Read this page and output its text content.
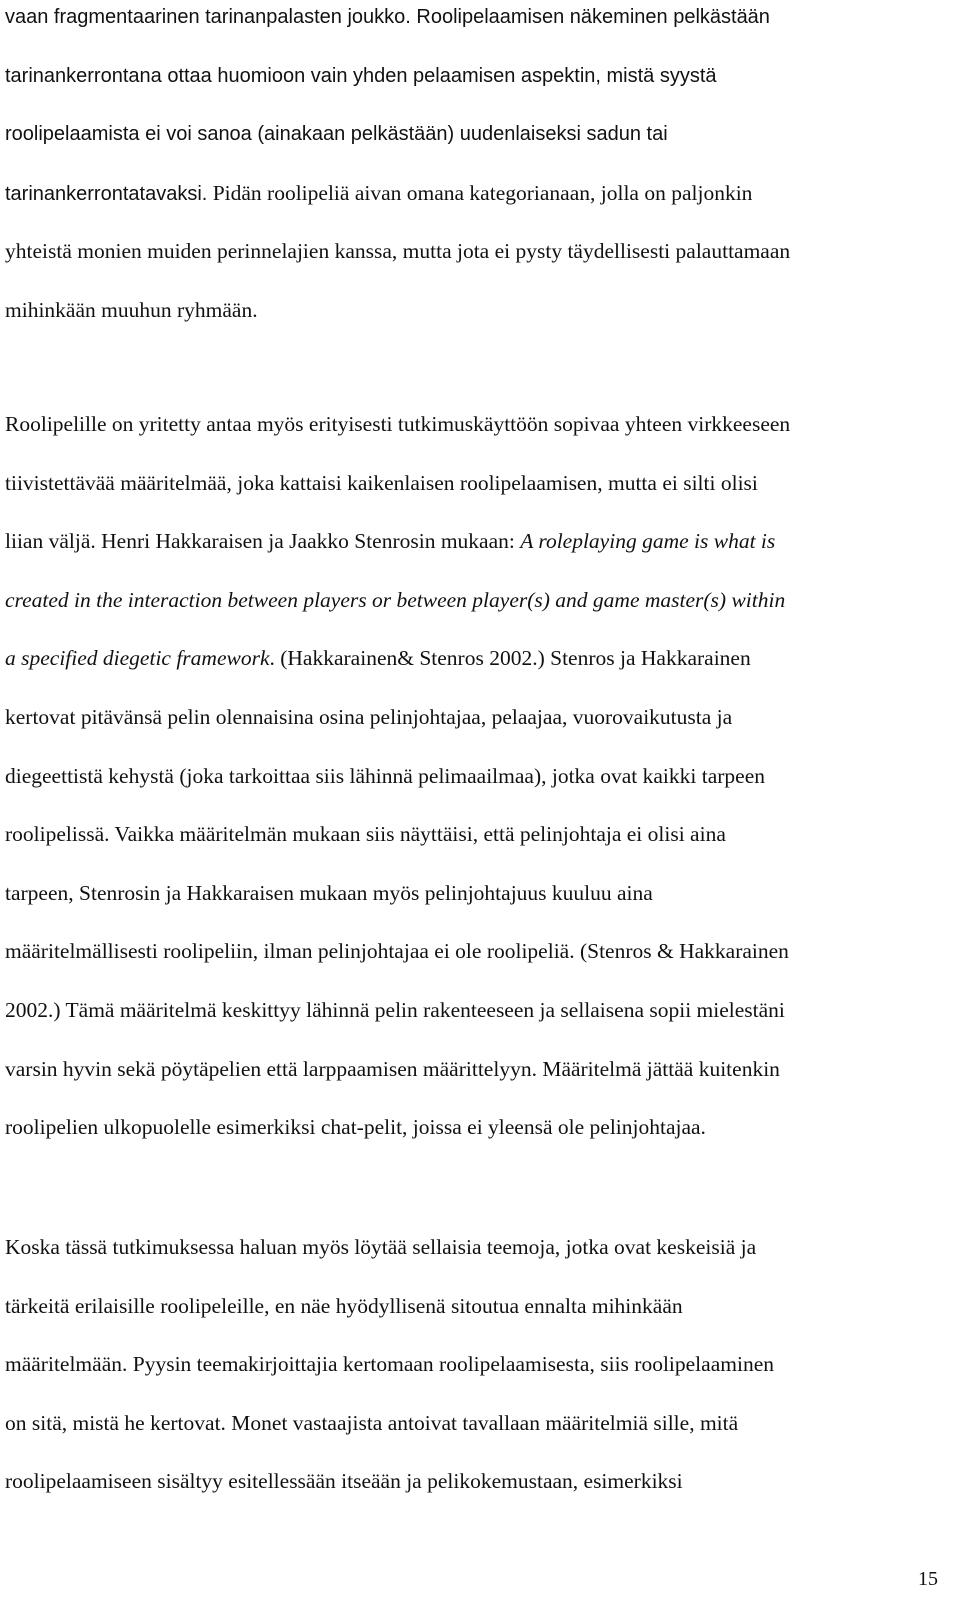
vaan fragmentaarinen tarinanpalasten joukko. Roolipelaamisen näkeminen pelkästään
tarinankerrontana ottaa huomioon vain yhden pelaamisen aspektin, mistä syystä
roolipelaamista ei voi sanoa (ainakaan pelkästään) uudenlaiseksi sadun tai
tarinankerrontatavaksi. Pidän roolipeliä aivan omana kategorianaan, jolla on paljonkin
yhteistä monien muiden perinnelajien kanssa, mutta jota ei pysty täydellisesti palauttamaan
mihinkään muuhun ryhmään.
Roolipelille on yritetty antaa myös erityisesti tutkimuskäyttöön sopivaa yhteen virkkeeseen
tiivistettävää määritelmää, joka kattaisi kaikenlaisen roolipelaamisen, mutta ei silti olisi
liian väljä. Henri Hakkaraisen ja Jaakko Stenrosin mukaan: A roleplaying game is what is
created in the interaction between players or between player(s) and game master(s) within
a specified diegetic framework. (Hakkarainen& Stenros 2002.) Stenros ja Hakkarainen
kertovat pitävänsä pelin olennaisina osina pelinjohtajaa, pelaajaa, vuorovaikutusta ja
diegeettistä kehystä (joka tarkoittaa siis lähinnä pelimaailmaa), jotka ovat kaikki tarpeen
roolipelissä. Vaikka määritelmän mukaan siis näyttäisi, että pelinjohtaja ei olisi aina
tarpeen, Stenrosin ja Hakkaraisen mukaan myös pelinjohtajuus kuuluu aina
määritelmällisesti roolipeliin, ilman pelinjohtajaa ei ole roolipeliä. (Stenros & Hakkarainen
2002.) Tämä määritelmä keskittyy lähinnä pelin rakenteeseen ja sellaisena sopii mielestäni
varsin hyvin sekä pöytäpelien että larppaamisen määrittelyyn. Määritelmä jättää kuitenkin
roolipelien ulkopuolelle esimerkiksi chat-pelit, joissa ei yleensä ole pelinjohtajaa.
Koska tässä tutkimuksessa haluan myös löytää sellaisia teemoja, jotka ovat keskeisiä ja
tärkeitä erilaisille roolipeleille, en näe hyödyllisenä sitoutua ennalta mihinkään
määritelmään. Pyysin teemakirjoittajia kertomaan roolipelaamisesta, siis roolipelaaminen
on sitä, mistä he kertovat. Monet vastaajista antoivat tavallaan määritelmiä sille, mitä
roolipelaamiseen sisältyy esitellessään itseään ja pelikokemustaan, esimerkiksi
15
